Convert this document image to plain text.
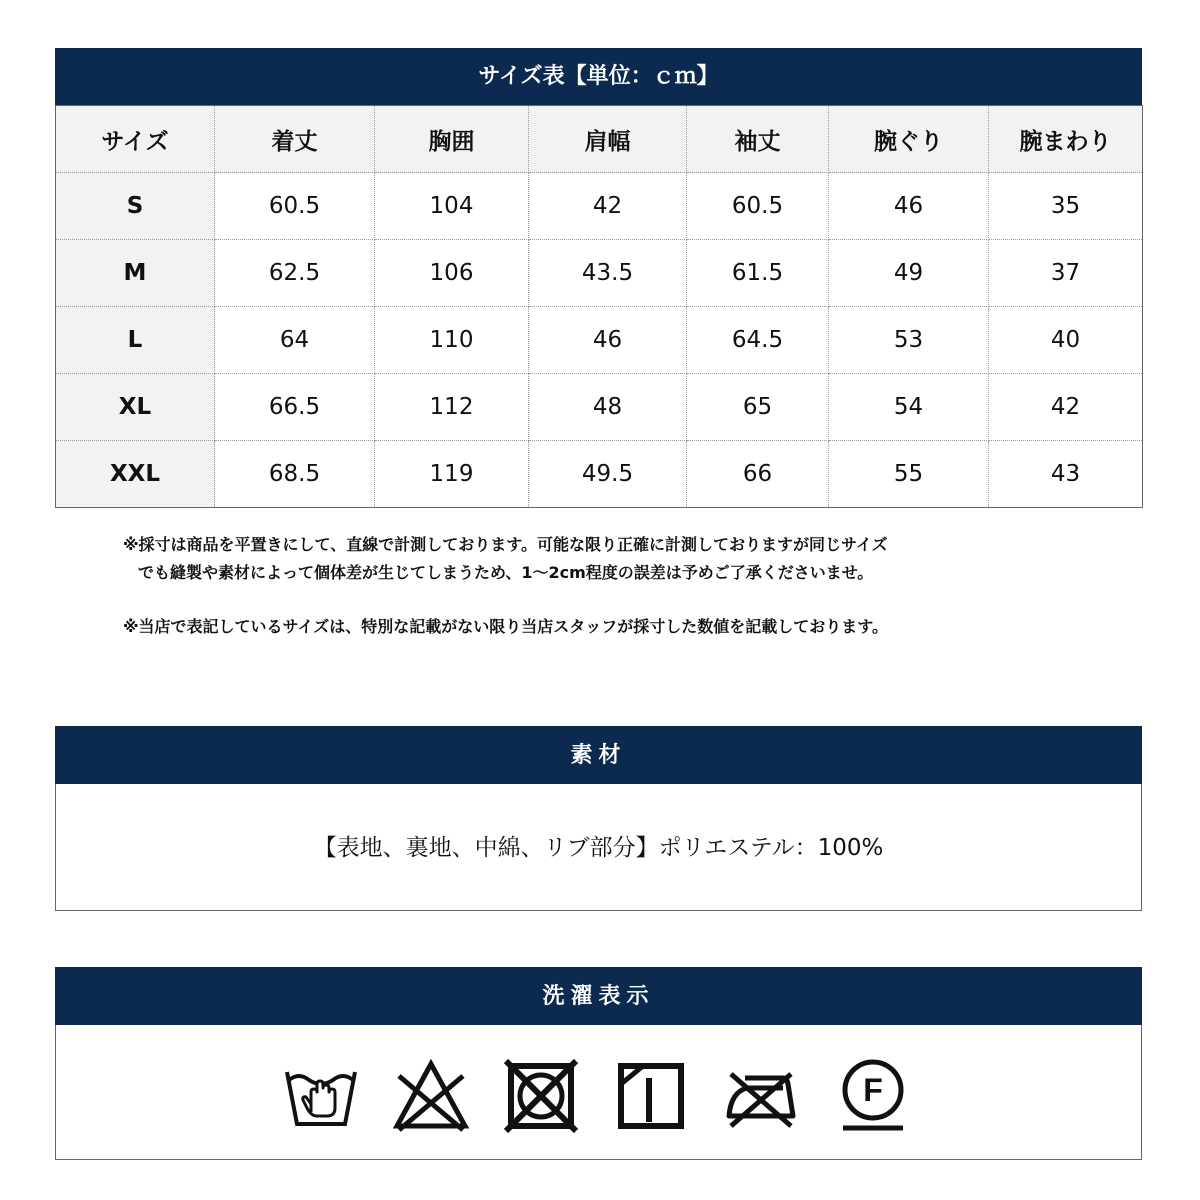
サイズ表【単位：ｃｍ】
サイズ	着丈	胸囲	肩幅	袖丈	腕ぐり	腕まわり
S	60.5	104	42	60.5	46	35
M	62.5	106	43.5	61.5	49	37
L	64	110	46	64.5	53	40
XL	66.5	112	48	65	54	42
XXL	68.5	119	49.5	66	55	43
※採寸は商品を平置きにして、直線で計測しております。可能な限り正確に計測しておりますが同じサイズ
でも縫製や素材によって個体差が生じてしまうため、1～2cm程度の誤差は予めご了承くださいませ。
※当店で表記しているサイズは、特別な記載がない限り当店スタッフが採寸した数値を記載しております。
素材
【表地、裏地、中綿、リブ部分】ポリエステル：100%
洗濯表示
F
